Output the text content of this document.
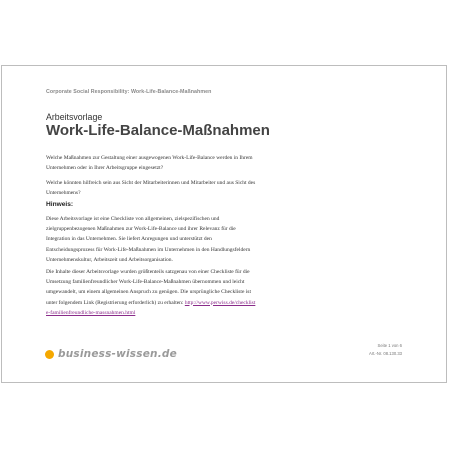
Corporate Social Responsibility: Work-Life-Balance-Maßnahmen

Arbeitsvorlage

Work-Life-Balance-Maßnahmen

Welche Maßnahmen zur Gestaltung einer ausgewogenen Work-Life-Balance werden in Ihrem Unternehmen oder in Ihrer Arbeitsgruppe eingesetzt?

Welche könnten hilfreich sein aus Sicht der Mitarbeiterinnen und Mitarbeiter und aus Sicht des Unternehmens?

Hinweis:

Diese Arbeitsvorlage ist eine Checkliste von allgemeinen, zielspezifischen und zielgruppenbezogenen Maßnahmen zur Work-Life-Balance und ihrer Relevanz für die Integration in das Unternehmen. Sie liefert Anregungen und unterstützt den Entscheidungsprozess für Work-Life-Maßnahmen im Unternehmen in den Handlungsfeldern Unternehmenskultur, Arbeitszeit und Arbeitsorganisation.

Die Inhalte dieser Arbeitsvorlage wurden größtenteils satzgenau von einer Checkliste für die Umsetzung familienfreundlicher Work-Life-Balance-Maßnahmen übernommen und leicht umgewandelt, um einem allgemeinen Anspruch zu genügen. Die ursprüngliche Checkliste ist unter folgendem Link (Registrierung erforderlich) zu erhalten: http://www.perwiss.de/checkliste-familienfreundliche-massnahmen.html

business-wissen.de

Seite 1 von 6

Art.-Nr. 08.130.33
